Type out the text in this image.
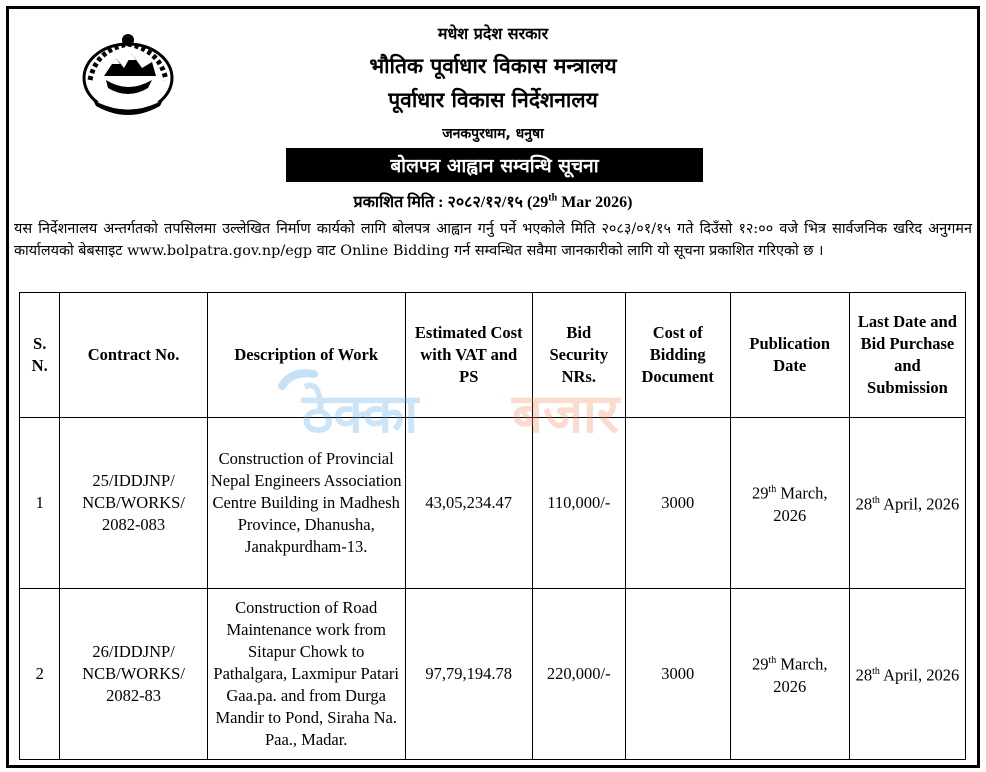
मधेश प्रदेश सरकार
भौतिक पूर्वाधार विकास मन्त्रालय
पूर्वाधार विकास निर्देशनालय
जनकपुरधाम, धनुषा
बोलपत्र आह्वान सम्वन्धि सूचना
प्रकाशित मिति : २०८२/१२/१५ (29th Mar 2026)
यस निर्देशनालय अन्तर्गतको तपसिलमा उल्लेखित निर्माण कार्यको लागि बोलपत्र आह्वान गर्नु पर्ने भएकोले मिति २०८३/०१/१५ गते दिउँसो १२:०० वजे भित्र सार्वजनिक खरिद अनुगमन कार्यालयको बेबसाइट www.bolpatra.gov.np/egp वाट Online Bidding गर्न सम्वन्धित सवैमा जानकारीको लागि यो सूचना प्रकाशित गरिएको छ ।
S. N.	Contract No.	Description of Work	Estimated Cost with VAT and PS	Bid Security NRs.	Cost of Bidding Document	Publication Date	Last Date and Bid Purchase and Submission
1	25/IDDJNP/ NCB/WORKS/ 2082-083	Construction of Provincial Nepal Engineers Association Centre Building in Madhesh Province, Dhanusha, Janakpurdham-13.	43,05,234.47	110,000/-	3000	29th March, 2026	28th April, 2026
2	26/IDDJNP/ NCB/WORKS/ 2082-83	Construction of Road Maintenance work from Sitapur Chowk to Pathalgara, Laxmipur Patari Gaa.pa. and from Durga Mandir to Pond, Siraha Na. Paa., Madar.	97,79,194.78	220,000/-	3000	29th March, 2026	28th April, 2026
ठेक्का बजार
